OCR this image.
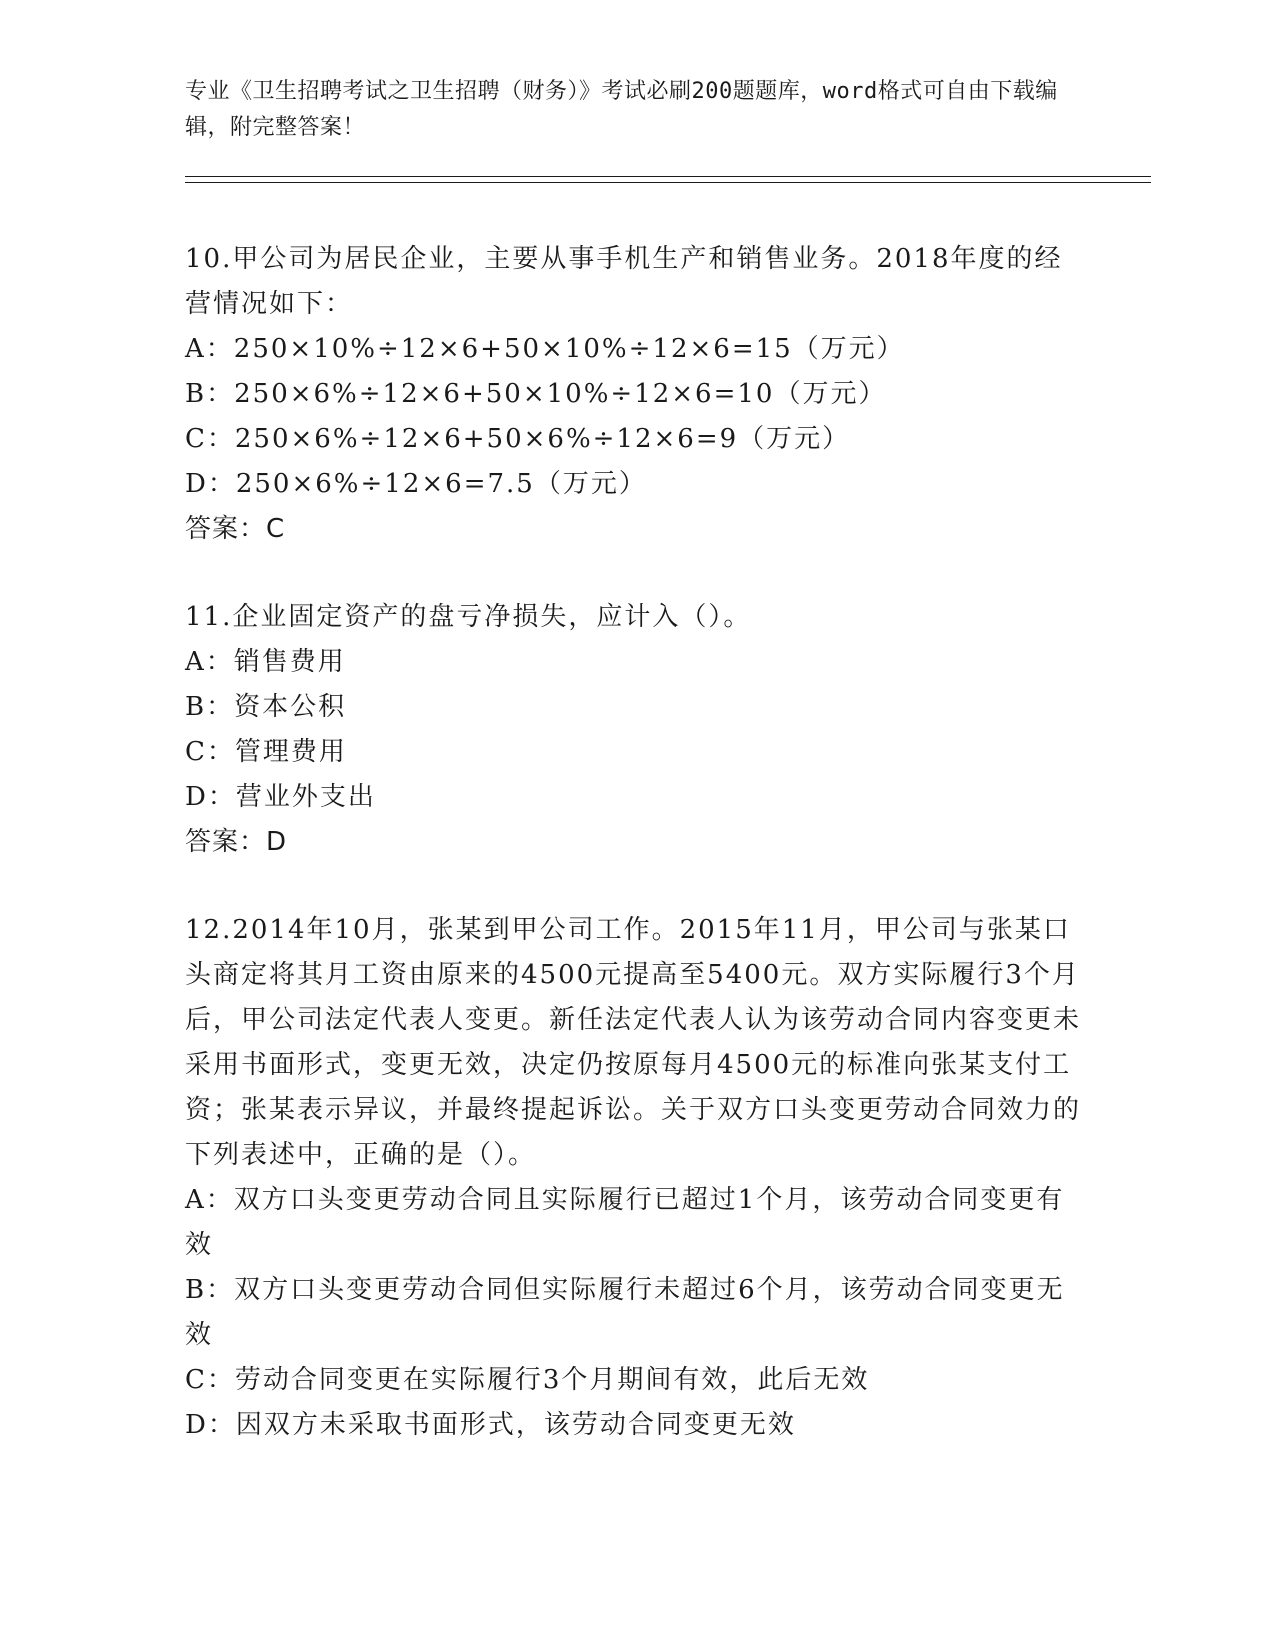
专业《卫生招聘考试之卫生招聘（财务）》考试必刷200题题库，word格式可自由下载编辑，附完整答案！

10.甲公司为居民企业，主要从事手机生产和销售业务。2018年度的经营情况如下：

A：250×10%÷12×6+50×10%÷12×6=15（万元）

B：250×6%÷12×6+50×10%÷12×6=10（万元）

C：250×6%÷12×6+50×6%÷12×6=9（万元）

D：250×6%÷12×6=7.5（万元）

答案：C

11.企业固定资产的盘亏净损失，应计入（）。

A：销售费用

B：资本公积

C：管理费用

D：营业外支出

答案：D

12.2014年10月，张某到甲公司工作。2015年11月，甲公司与张某口头商定将其月工资由原来的4500元提高至5400元。双方实际履行3个月后，甲公司法定代表人变更。新任法定代表人认为该劳动合同内容变更未采用书面形式，变更无效，决定仍按原每月4500元的标准向张某支付工资；张某表示异议，并最终提起诉讼。关于双方口头变更劳动合同效力的下列表述中，正确的是（）。

A：双方口头变更劳动合同且实际履行已超过1个月，该劳动合同变更有效

B：双方口头变更劳动合同但实际履行未超过6个月，该劳动合同变更无效

C：劳动合同变更在实际履行3个月期间有效，此后无效

D：因双方未采取书面形式，该劳动合同变更无效
